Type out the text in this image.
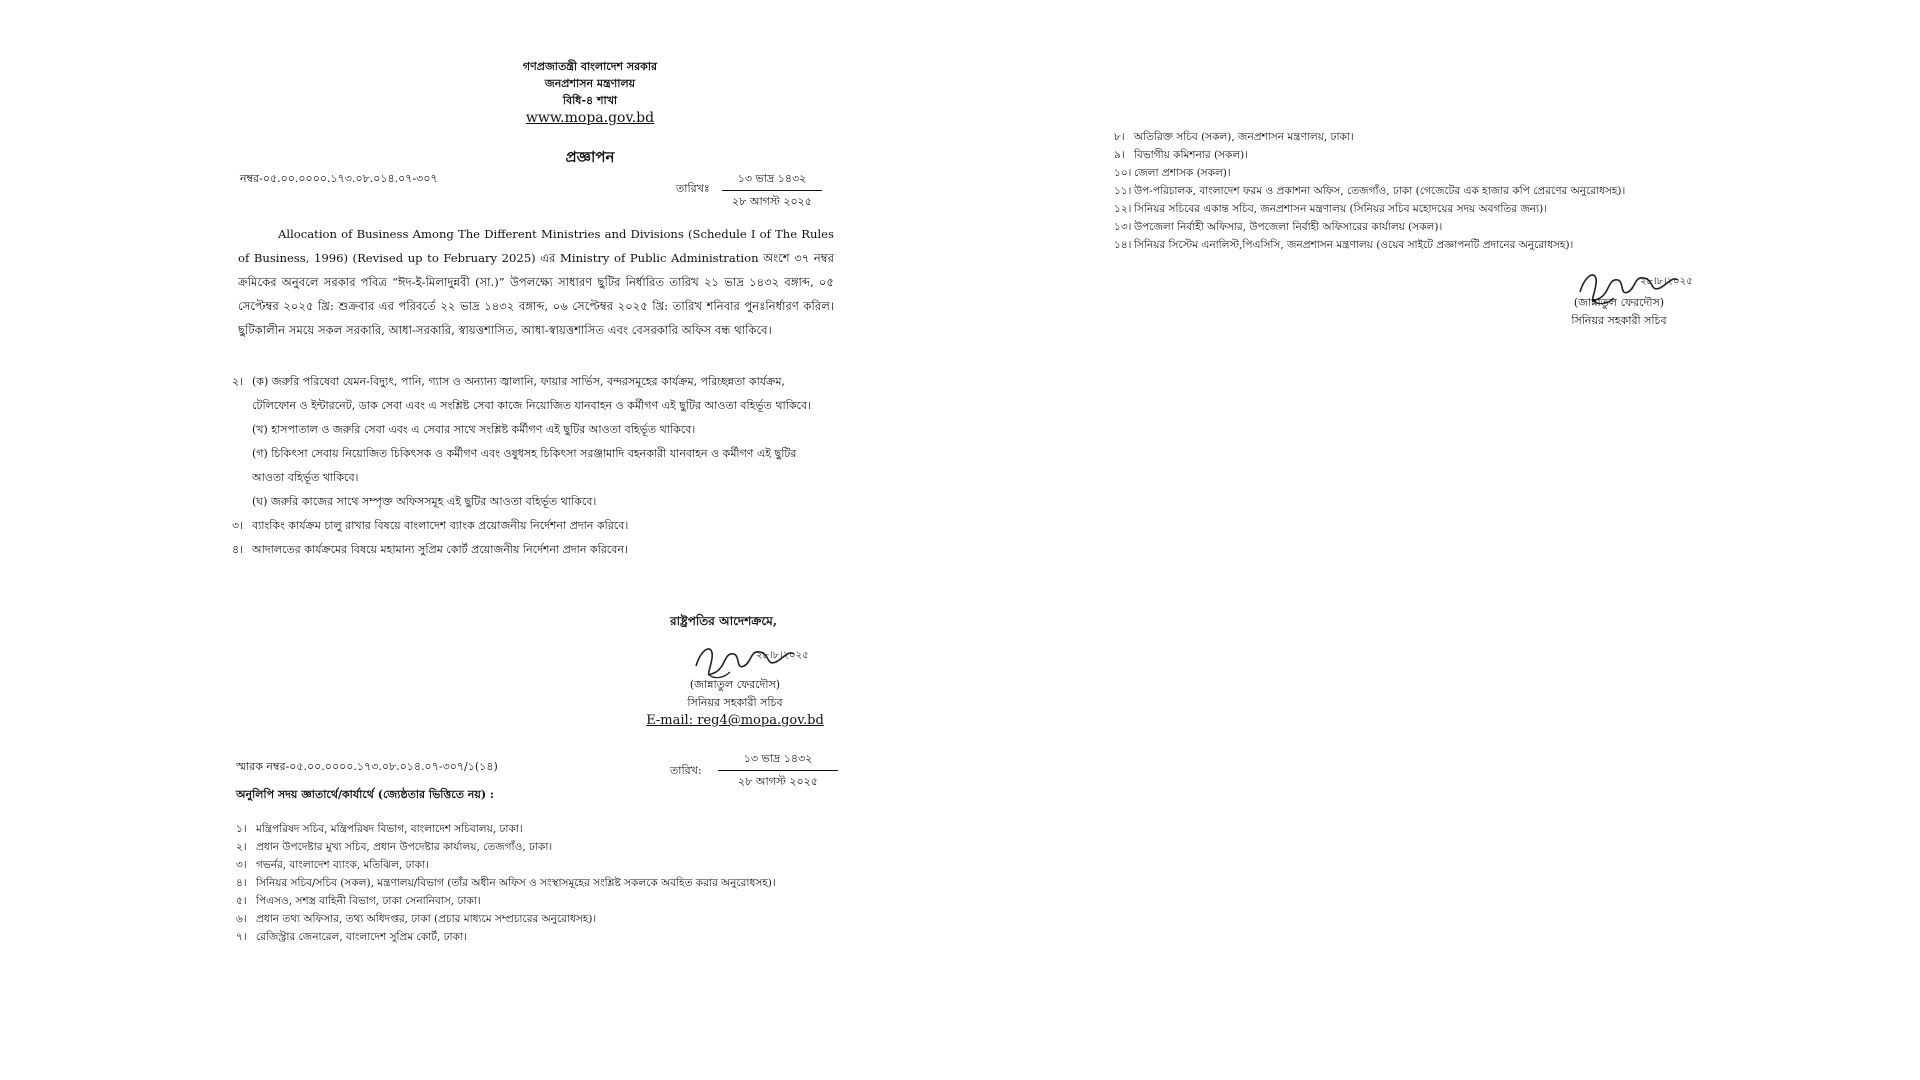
গণপ্রজাতন্ত্রী বাংলাদেশ সরকার
জনপ্রশাসন মন্ত্রণালয়
বিধি-৪ শাখা
www.mopa.gov.bd
প্রজ্ঞাপন
নম্বর-০৫.০০.০০০০.১৭৩.০৮.০১৪.০৭-৩০৭
তারিখঃ
১৩ ভাদ্র ১৪৩২
২৮ আগস্ট ২০২৫
Allocation of Business Among The Different Ministries and Divisions (Schedule I of The Rules of Business, 1996) (Revised up to February 2025) এর Ministry of Public Administration অংশে ৩৭ নম্বর ক্রমিকের অনুবলে সরকার পবিত্র “ঈদ-ই-মিলাদুন্নবী (সা.)” উপলক্ষ্যে সাধারণ ছুটির নির্ধারিত তারিখ ২১ ভাদ্র ১৪৩২ বঙ্গাব্দ, ০৫ সেপ্টেম্বর ২০২৫ খ্রি: শুক্রবার এর পরিবর্তে ২২ ভাদ্র ১৪৩২ বঙ্গাব্দ, ০৬ সেপ্টেম্বর ২০২৫ খ্রি: তারিখ শনিবার পুনঃনির্ধারণ করিল। ছুটিকালীন সময়ে সকল সরকারি, আধা-সরকারি, স্বায়ত্তশাসিত, আধা-স্বায়ত্তশাসিত এবং বেসরকারি অফিস বন্ধ থাকিবে।
২। (ক) জরুরি পরিষেবা যেমন-বিদ্যুৎ, পানি, গ্যাস ও অন্যান্য জ্বালানি, ফায়ার সার্ভিস, বন্দরসমূহের কার্যক্রম, পরিচ্ছন্নতা কার্যক্রম, টেলিফোন ও ইন্টারনেট, ডাক সেবা এবং এ সংশ্লিষ্ট সেবা কাজে নিয়োজিত যানবাহন ও কর্মীগণ এই ছুটির আওতা বহির্ভূত থাকিবে।
(খ) হাসপাতাল ও জরুরি সেবা এবং এ সেবার সাথে সংশ্লিষ্ট কর্মীগণ এই ছুটির আওতা বহির্ভূত থাকিবে।
(গ) চিকিৎসা সেবায় নিয়োজিত চিকিৎসক ও কর্মীগণ এবং ওষুধসহ চিকিৎসা সরঞ্জামাদি বহনকারী যানবাহন ও কর্মীগণ এই ছুটির আওতা বহির্ভূত থাকিবে।
(ঘ) জরুরি কাজের সাথে সম্পৃক্ত অফিসসমূহ এই ছুটির আওতা বহির্ভূত থাকিবে।
৩। ব্যাংকিং কার্যক্রম চালু রাখার বিষয়ে বাংলাদেশ ব্যাংক প্রয়োজনীয় নির্দেশনা প্রদান করিবে।
৪। আদালতের কার্যক্রমের বিষয়ে মহামান্য সুপ্রিম কোর্ট প্রয়োজনীয় নির্দেশনা প্রদান করিবেন।
রাষ্ট্রপতির আদেশক্রমে,
২৮।৮।২০২৫
(জান্নাতুল ফেরদৌস)
সিনিয়র সহকারী সচিব
E-mail: reg4@mopa.gov.bd
স্মারক নম্বর-০৫.০০.০০০০.১৭৩.০৮.০১৪.০৭-৩০৭/১(১৪)	তারিখ:
১৩ ভাদ্র ১৪৩২
২৮ আগস্ট ২০২৫
অনুলিপি সদয় জ্ঞাতার্থে/কার্যার্থে (জ্যেষ্ঠতার ভিত্তিতে নয়) :
১। মন্ত্রিপরিষদ সচিব, মন্ত্রিপরিষদ বিভাগ, বাংলাদেশ সচিবালয়, ঢাকা।
২। প্রধান উপদেষ্টার মুখ্য সচিব, প্রধান উপদেষ্টার কার্যালয়, তেজগাঁও, ঢাকা।
৩। গভর্নর, বাংলাদেশ ব্যাংক, মতিঝিল, ঢাকা।
৪। সিনিয়র সচিব/সচিব (সকল), মন্ত্রণালয়/বিভাগ (তাঁর অধীন অফিস ও সংস্থাসমূহের সংশ্লিষ্ট সকলকে অবহিত করার অনুরোধসহ)।
৫। পিএসও, সশস্ত্র বাহিনী বিভাগ, ঢাকা সেনানিবাস, ঢাকা।
৬। প্রধান তথ্য অফিসার, তথ্য অধিদপ্তর, ঢাকা (প্রচার মাধ্যমে সম্প্রচারের অনুরোধসহ)।
৭। রেজিস্ট্রার জেনারেল, বাংলাদেশ সুপ্রিম কোর্ট, ঢাকা।
৮। অতিরিক্ত সচিব (সকল), জনপ্রশাসন মন্ত্রণালয়, ঢাকা।
৯। বিভাগীয় কমিশনার (সকল)।
১০। জেলা প্রশাসক (সকল)।
১১। উপ-পরিচালক, বাংলাদেশ ফরম ও প্রকাশনা অফিস, তেজগাঁও, ঢাকা (গেজেটের এক হাজার কপি প্রেরণের অনুরোধসহ)।
১২। সিনিয়র সচিবের একান্ত সচিব, জনপ্রশাসন মন্ত্রণালয় (সিনিয়র সচিব মহোদয়ের সদয় অবগতির জন্য)।
১৩। উপজেলা নির্বাহী অফিসার, উপজেলা নির্বাহী অফিসারের কার্যালয় (সকল)।
১৪। সিনিয়র সিস্টেম এনালিস্ট,পিএসিসি, জনপ্রশাসন মন্ত্রণালয় (ওয়েব সাইটে প্রজ্ঞাপনটি প্রদানের অনুরোধসহ)।
২৮।৮।২০২৫
(জান্নাতুল ফেরদৌস)
সিনিয়র সহকারী সচিব
